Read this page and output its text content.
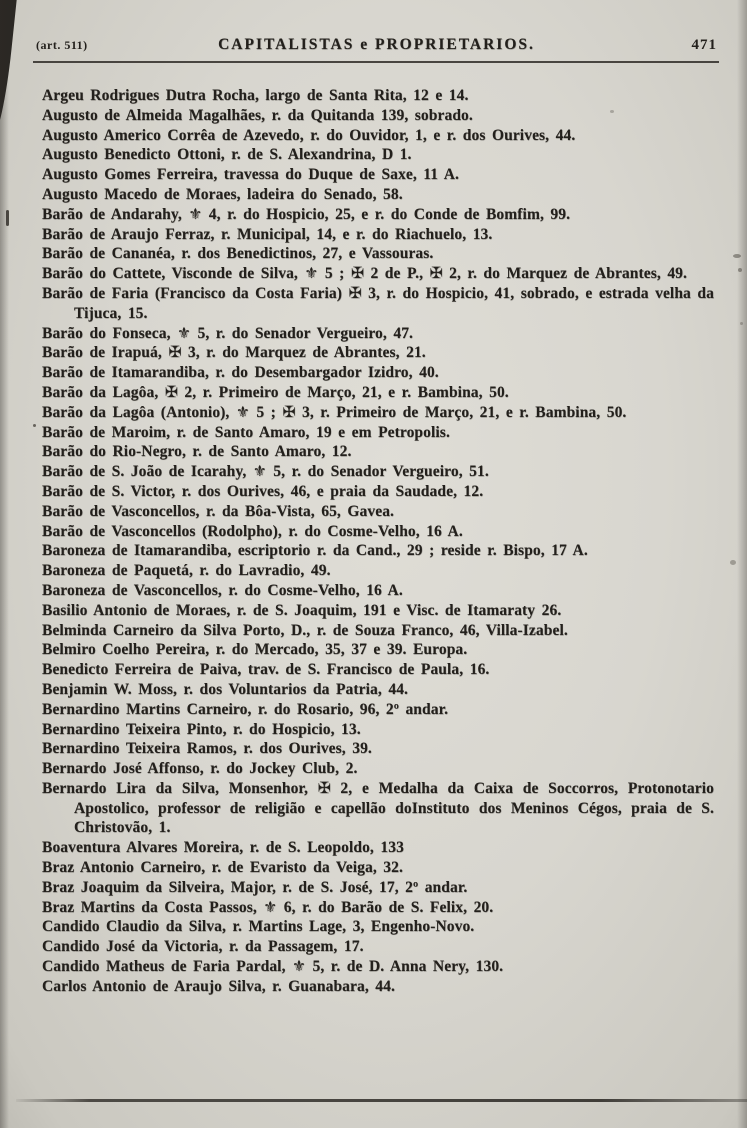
(art. 511)	CAPITALISTAS e PROPRIETARIOS.	471

Argeu Rodrigues Dutra Rocha, largo de Santa Rita, 12 e 14.

Augusto de Almeida Magalhães, r. da Quitanda 139, sobrado.

Augusto Americo Corrêa de Azevedo, r. do Ouvidor, 1, e r. dos Ourives, 44.

Augusto Benedicto Ottoni, r. de S. Alexandrina, D 1.

Augusto Gomes Ferreira, travessa do Duque de Saxe, 11 A.

Augusto Macedo de Moraes, ladeira do Senado, 58.

Barão de Andarahy, ⚜ 4, r. do Hospicio, 25, e r. do Conde de Bomfim, 99.

Barão de Araujo Ferraz, r. Municipal, 14, e r. do Riachuelo, 13.

Barão de Cananéa, r. dos Benedictinos, 27, e Vassouras.

Barão do Cattete, Visconde de Silva, ⚜ 5 ; ✠ 2 de P., ✠ 2, r. do Marquez de Abrantes, 49.

Barão de Faria (Francisco da Costa Faria) ✠ 3, r. do Hospicio, 41, sobrado, e estrada velha da Tijuca, 15.

Barão do Fonseca, ⚜ 5, r. do Senador Vergueiro, 47.

Barão de Irapuá, ✠ 3, r. do Marquez de Abrantes, 21.

Barão de Itamarandiba, r. do Desembargador Izidro, 40.

Barão da Lagôa, ✠ 2, r. Primeiro de Março, 21, e r. Bambina, 50.

Barão da Lagôa (Antonio), ⚜ 5 ; ✠ 3, r. Primeiro de Março, 21, e r. Bambina, 50.

Barão de Maroim, r. de Santo Amaro, 19 e em Petropolis.

Barão do Rio-Negro, r. de Santo Amaro, 12.

Barão de S. João de Icarahy, ⚜ 5, r. do Senador Vergueiro, 51.

Barão de S. Victor, r. dos Ourives, 46, e praia da Saudade, 12.

Barão de Vasconcellos, r. da Bôa-Vista, 65, Gavea.

Barão de Vasconcellos (Rodolpho), r. do Cosme-Velho, 16 A.

Baroneza de Itamarandiba, escriptorio r. da Cand., 29 ; reside r. Bispo, 17 A.

Baroneza de Paquetá, r. do Lavradio, 49.

Baroneza de Vasconcellos, r. do Cosme-Velho, 16 A.

Basilio Antonio de Moraes, r. de S. Joaquim, 191 e Visc. de Itamaraty 26.

Belminda Carneiro da Silva Porto, D., r. de Souza Franco, 46, Villa-Izabel.

Belmiro Coelho Pereira, r. do Mercado, 35, 37 e 39. Europa.

Benedicto Ferreira de Paiva, trav. de S. Francisco de Paula, 16.

Benjamin W. Moss, r. dos Voluntarios da Patria, 44.

Bernardino Martins Carneiro, r. do Rosario, 96, 2º andar.

Bernardino Teixeira Pinto, r. do Hospicio, 13.

Bernardino Teixeira Ramos, r. dos Ourives, 39.

Bernardo José Affonso, r. do Jockey Club, 2.

Bernardo Lira da Silva, Monsenhor, ✠ 2, e Medalha da Caixa de Soccorros, Protonotario Apostolico, professor de religião e capellão doInstituto dos Meninos Cégos, praia de S. Christovão, 1.

Boaventura Alvares Moreira, r. de S. Leopoldo, 133

Braz Antonio Carneiro, r. de Evaristo da Veiga, 32.

Braz Joaquim da Silveira, Major, r. de S. José, 17, 2º andar.

Braz Martins da Costa Passos, ⚜ 6, r. do Barão de S. Felix, 20.

Candido Claudio da Silva, r. Martins Lage, 3, Engenho-Novo.

Candido José da Victoria, r. da Passagem, 17.

Candido Matheus de Faria Pardal, ⚜ 5, r. de D. Anna Nery, 130.

Carlos Antonio de Araujo Silva, r. Guanabara, 44.
